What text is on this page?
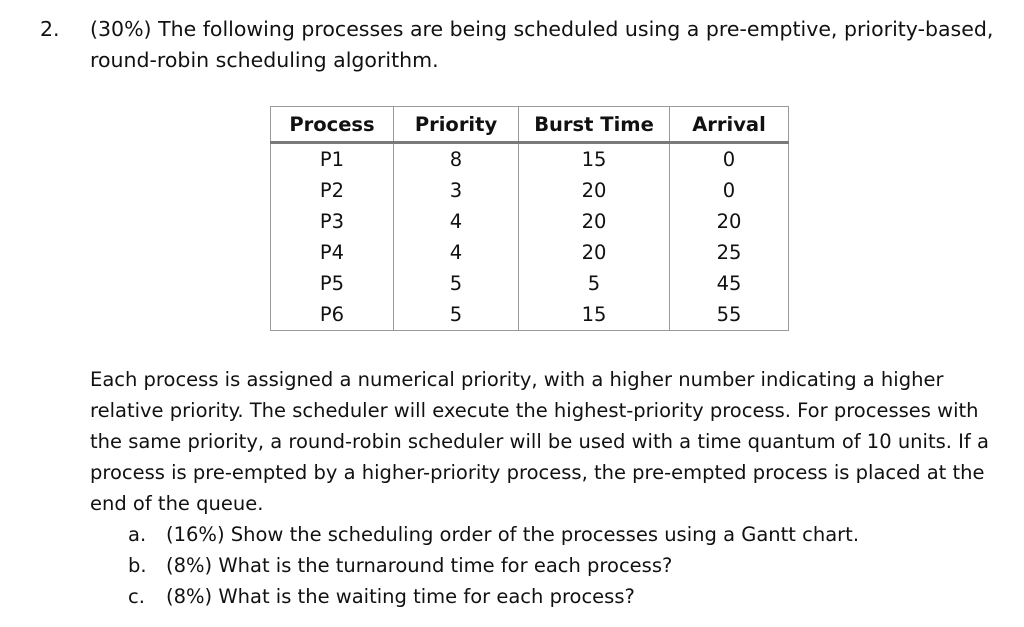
2. (30%) The following processes are being scheduled using a pre-emptive, priority-based,
round-robin scheduling algorithm.
Process	Priority	Burst Time	Arrival
P1	8	15	0
P2	3	20	0
P3	4	20	20
P4	4	20	25
P5	5	5	45
P6	5	15	55
Each process is assigned a numerical priority, with a higher number indicating a higher relative priority. The scheduler will execute the highest-priority process. For processes with the same priority, a round-robin scheduler will be used with a time quantum of 10 units. If a process is pre-empted by a higher-priority process, the pre-empted process is placed at the end of the queue.
a. (16%) Show the scheduling order of the processes using a Gantt chart.
b. (8%) What is the turnaround time for each process?
c. (8%) What is the waiting time for each process?
